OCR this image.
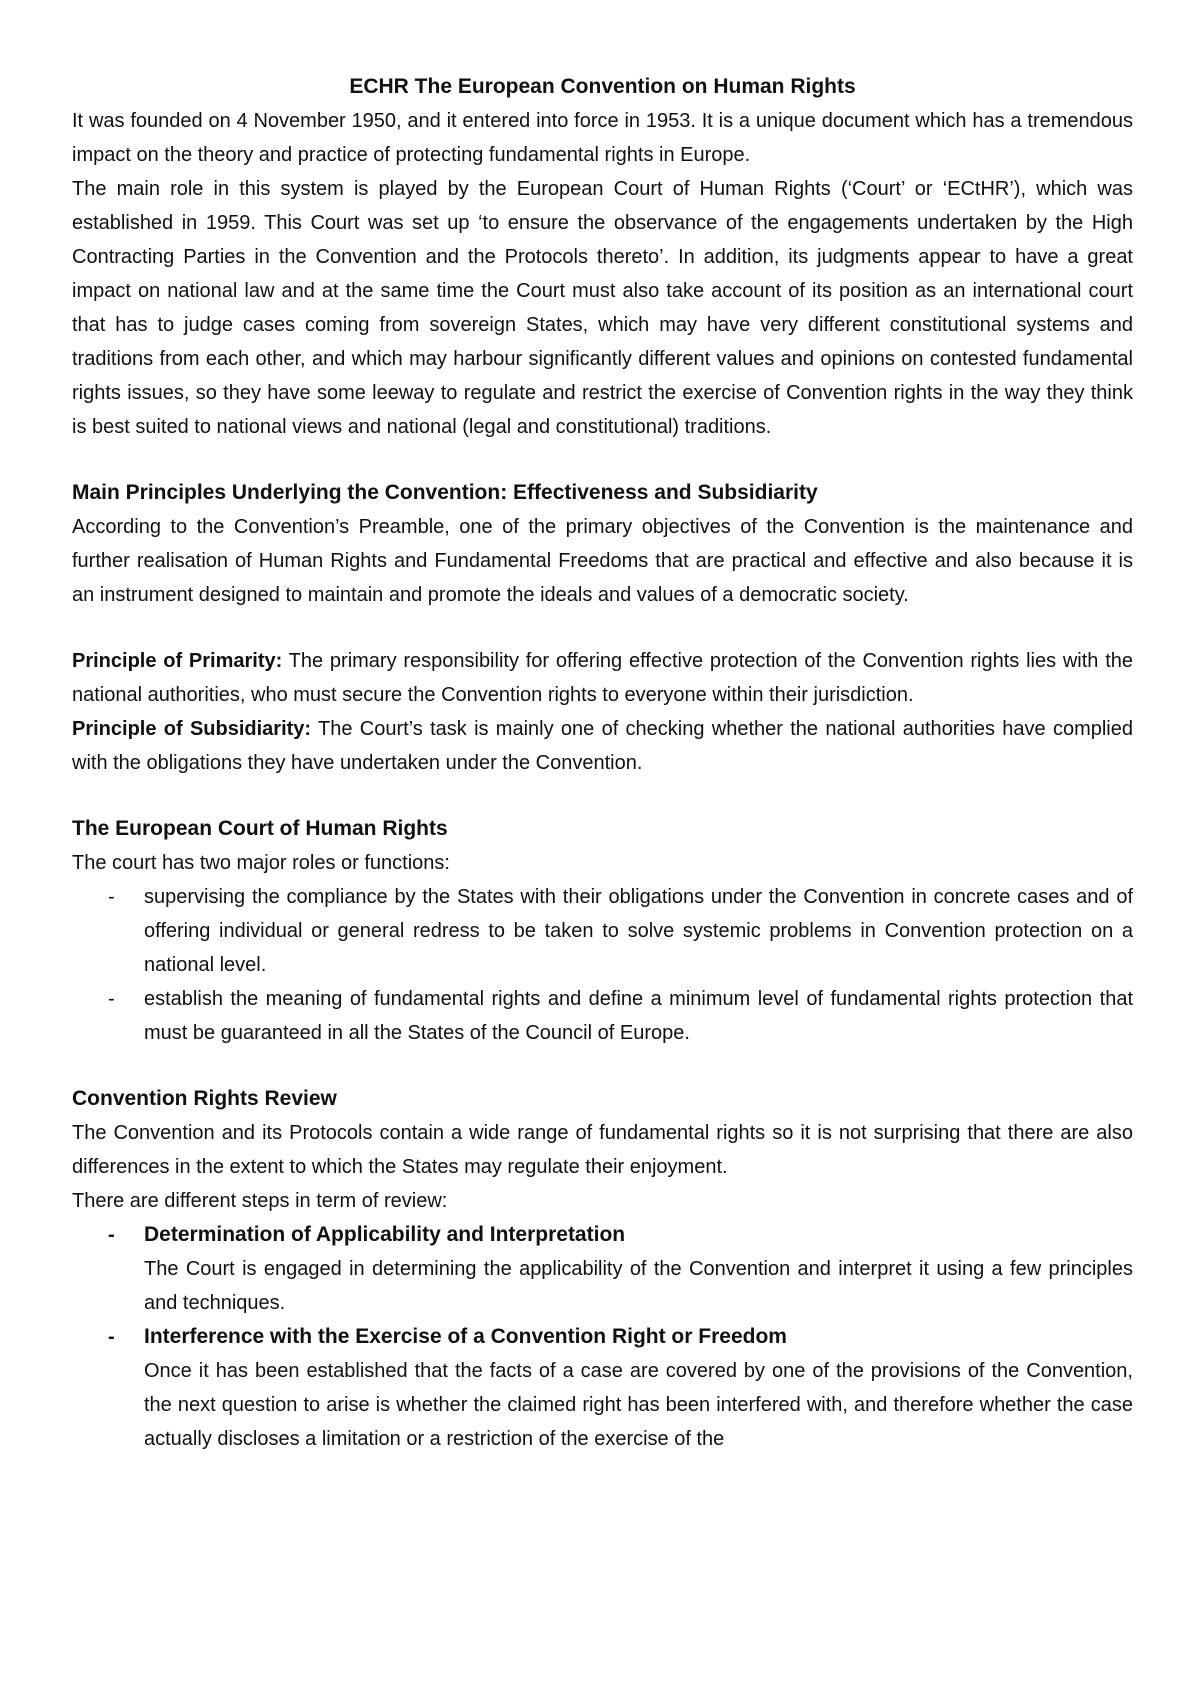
ECHR The European Convention on Human Rights

It was founded on 4 November 1950, and it entered into force in 1953. It is a unique document which has a tremendous impact on the theory and practice of protecting fundamental rights in Europe.

The main role in this system is played by the European Court of Human Rights (‘Court’ or ‘ECtHR’), which was established in 1959. This Court was set up ‘to ensure the observance of the engagements undertaken by the High Contracting Parties in the Convention and the Protocols thereto’. In addition, its judgments appear to have a great impact on national law and at the same time the Court must also take account of its position as an international court that has to judge cases coming from sovereign States, which may have very different constitutional systems and traditions from each other, and which may harbour significantly different values and opinions on contested fundamental rights issues, so they have some leeway to regulate and restrict the exercise of Convention rights in the way they think is best suited to national views and national (legal and constitutional) traditions.

Main Principles Underlying the Convention: Effectiveness and Subsidiarity

According to the Convention’s Preamble, one of the primary objectives of the Convention is the maintenance and further realisation of Human Rights and Fundamental Freedoms that are practical and effective and also because it is an instrument designed to maintain and promote the ideals and values of a democratic society.

Principle of Primarity: The primary responsibility for offering effective protection of the Convention rights lies with the national authorities, who must secure the Convention rights to everyone within their jurisdiction.

Principle of Subsidiarity: The Court’s task is mainly one of checking whether the national authorities have complied with the obligations they have undertaken under the Convention.

The European Court of Human Rights

The court has two major roles or functions:

- supervising the compliance by the States with their obligations under the Convention in concrete cases and of offering individual or general redress to be taken to solve systemic problems in Convention protection on a national level.
- establish the meaning of fundamental rights and define a minimum level of fundamental rights protection that must be guaranteed in all the States of the Council of Europe.
Convention Rights Review

The Convention and its Protocols contain a wide range of fundamental rights so it is not surprising that there are also differences in the extent to which the States may regulate their enjoyment.

There are different steps in term of review:

- Determination of Applicability and Interpretation
The Court is engaged in determining the applicability of the Convention and interpret it using a few principles and techniques.
- Interference with the Exercise of a Convention Right or Freedom
Once it has been established that the facts of a case are covered by one of the provisions of the Convention, the next question to arise is whether the claimed right has been interfered with, and therefore whether the case actually discloses a limitation or a restriction of the exercise of the
